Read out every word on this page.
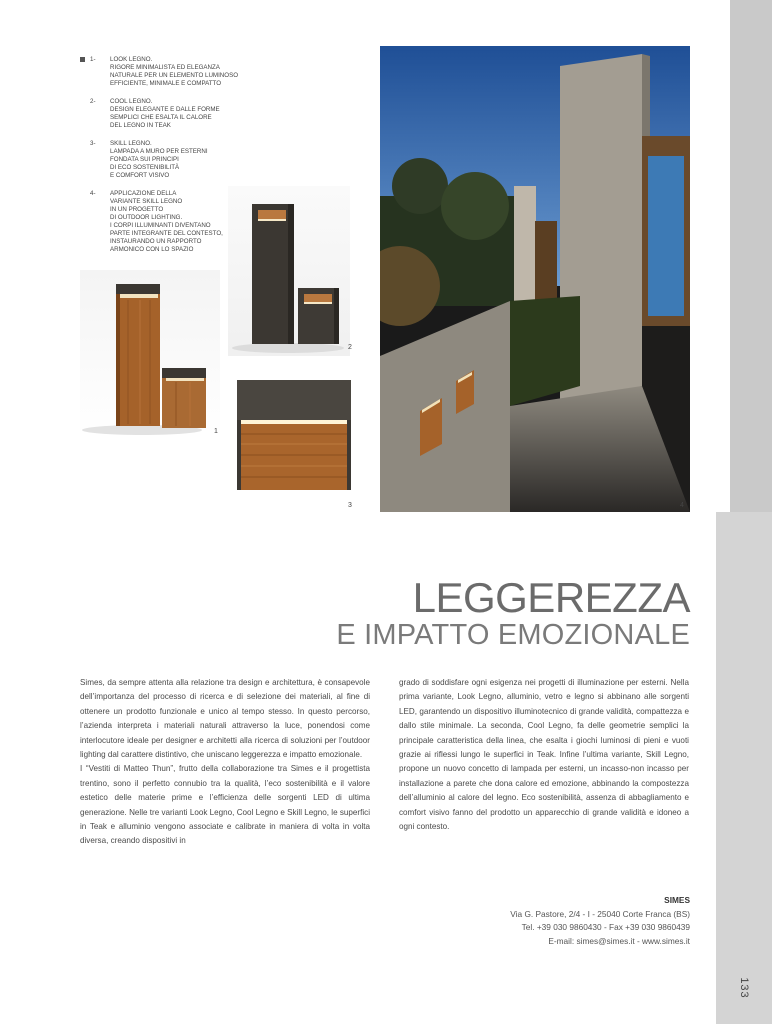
1- LOOK LEGNO.
RIGORE MINIMALISTA ED ELEGANZA
NATURALE PER UN ELEMENTO LUMINOSO
EFFICIENTE, MINIMALE E COMPATTO
2- COOL LEGNO.
DESIGN ELEGANTE E DALLE FORME
SEMPLICI CHE ESALTA IL CALORE
DEL LEGNO IN TEAK
3- SKILL LEGNO.
LAMPADA A MURO PER ESTERNI
FONDATA SUI PRINCIPI
DI ECO SOSTENIBILITÀ
E COMFORT VISIVO
4- APPLICAZIONE DELLA
VARIANTE SKILL LEGNO
IN UN PROGETTO
DI OUTDOOR LIGHTING.
I CORPI ILLUMINANTI DIVENTANO
PARTE INTEGRANTE DEL CONTESTO,
INSTAURANDO UN RAPPORTO
ARMONICO CON LO SPAZIO
1
2
3	4
LEGGEREZZA
E IMPATTO EMOZIONALE

Simes, da sempre attenta alla relazione tra design e architettura, è consapevole dell’importanza del processo di ricerca e di selezione dei materiali, al fine di ottenere un prodotto funzionale e unico al tempo stesso. In questo percorso, l’azienda interpreta i materiali naturali attraverso la luce, ponendosi come interlocutore ideale per designer e architetti alla ricerca di soluzioni per l’outdoor lighting dal carattere distintivo, che uniscano leggerezza e impatto emozionale.

I “Vestiti di Matteo Thun”, frutto della collaborazione tra Simes e il progettista trentino, sono il perfetto connubio tra la qualità, l’eco sostenibilità e il valore estetico delle materie prime e l’efficienza delle sorgenti LED di ultima generazione. Nelle tre varianti Look Legno, Cool Legno e Skill Legno, le superfici in Teak e alluminio vengono associate e calibrate in maniera di volta in volta diversa, creando dispositivi in

grado di soddisfare ogni esigenza nei progetti di illuminazione per esterni. Nella prima variante, Look Legno, alluminio, vetro e legno si abbinano alle sorgenti LED, garantendo un dispositivo illuminotecnico di grande validità, compattezza e dallo stile minimale. La seconda, Cool Legno, fa delle geometrie semplici la principale caratteristica della linea, che esalta i giochi luminosi di pieni e vuoti grazie ai riflessi lungo le superfici in Teak. Infine l’ultima variante, Skill Legno, propone un nuovo concetto di lampada per esterni, un incasso-non incasso per installazione a parete che dona calore ed emozione, abbinando la compostezza dell’alluminio al calore del legno. Eco sostenibilità, assenza di abbagliamento e comfort visivo fanno del prodotto un apparecchio di grande validità e idoneo a ogni contesto.

SIMES
Via G. Pastore, 2/4 - I - 25040 Corte Franca (BS)
Tel. +39 030 9860430 - Fax +39 030 9860439
E-mail: simes@simes.it - www.simes.it
133
